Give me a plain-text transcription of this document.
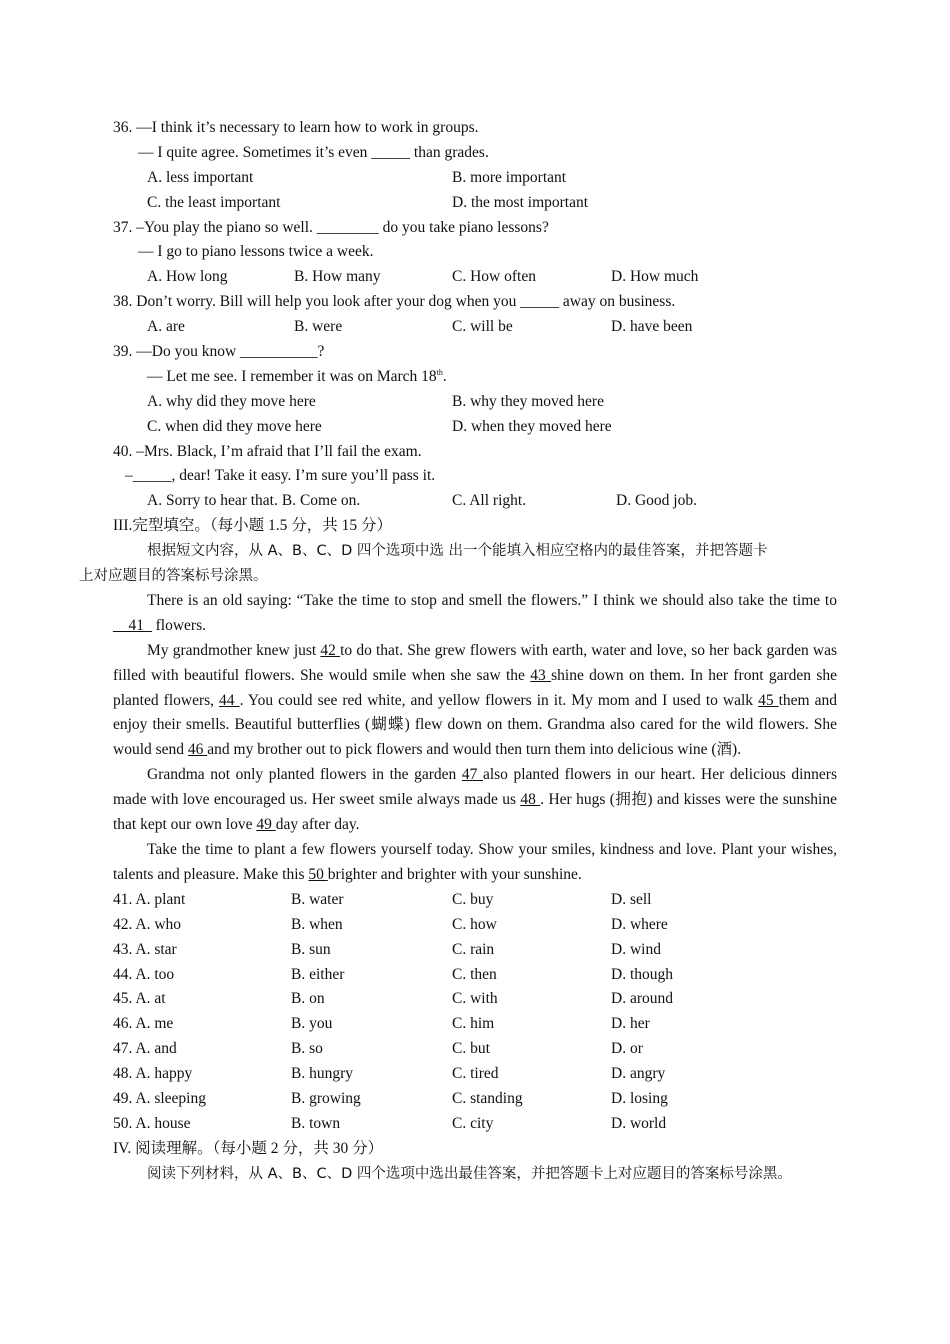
36. —I think it’s necessary to learn how to work in groups.
— I quite agree. Sometimes it’s even _____ than grades.
A. less important	B. more important
C. the least important	D. the most important
37. –You play the piano so well. ________ do you take piano lessons?
— I go to piano lessons twice a week.
A. How long	B. How many	C. How often	D. How much
38. Don’t worry. Bill will help you look after your dog when you _____ away on business.
A. are	B. were	C. will be	D. have been
39. —Do you know __________?
— Let me see. I remember it was on March 18th.
A. why did they move here	B. why they moved here
C. when did they move here	D. when they moved here
40. –Mrs. Black, I’m afraid that I’ll fail the exam.
–_____, dear! Take it easy. I’m sure you’ll pass it.
A. Sorry to hear that. B. Come on.	C. All right.	D. Good job.
III.完型填空。（每小题 1.5 分，共 15 分）
根据短文内容，从 A、B、C、D 四个选项中选 出一个能填入相应空格内的最佳答案，并把答题卡
上对应题目的答案标号涂黑。
There is an old saying: “Take the time to stop and smell the flowers.” I think we should also take the time to __41_ flowers.
My grandmother knew just 42 to do that. She grew flowers with earth, water and love, so her back garden was filled with beautiful flowers. She would smile when she saw the 43 shine down on them. In her front garden she planted flowers, 44 . You could see red white, and yellow flowers in it. My mom and I used to walk 45 them and enjoy their smells. Beautiful butterflies (蝴蝶) flew down on them. Grandma also cared for the wild flowers. She would send 46 and my brother out to pick flowers and would then turn them into delicious wine (酒).
Grandma not only planted flowers in the garden 47 also planted flowers in our heart. Her delicious dinners made with love encouraged us. Her sweet smile always made us 48 . Her hugs (拥抱) and kisses were the sunshine that kept our own love 49 day after day.
Take the time to plant a few flowers yourself today. Show your smiles, kindness and love. Plant your wishes, talents and pleasure. Make this 50 brighter and brighter with your sunshine.
41. A. plant	B. water	C. buy	D. sell
42. A. who	B. when	C. how	D. where
43. A. star	B. sun	C. rain	D. wind
44. A. too	B. either	C. then	D. though
45. A. at	B. on	C. with	D. around
46. A. me	B. you	C. him	D. her
47. A. and	B. so	C. but	D. or
48. A. happy	B. hungry	C. tired	D. angry
49. A. sleeping	B. growing	C. standing	D. losing
50. A. house	B. town	C. city	D. world
IV. 阅读理解。（每小题 2 分，共 30 分）
阅读下列材料，从 A、B、C、D 四个选项中选出最佳答案，并把答题卡上对应题目的答案标号涂黑。
